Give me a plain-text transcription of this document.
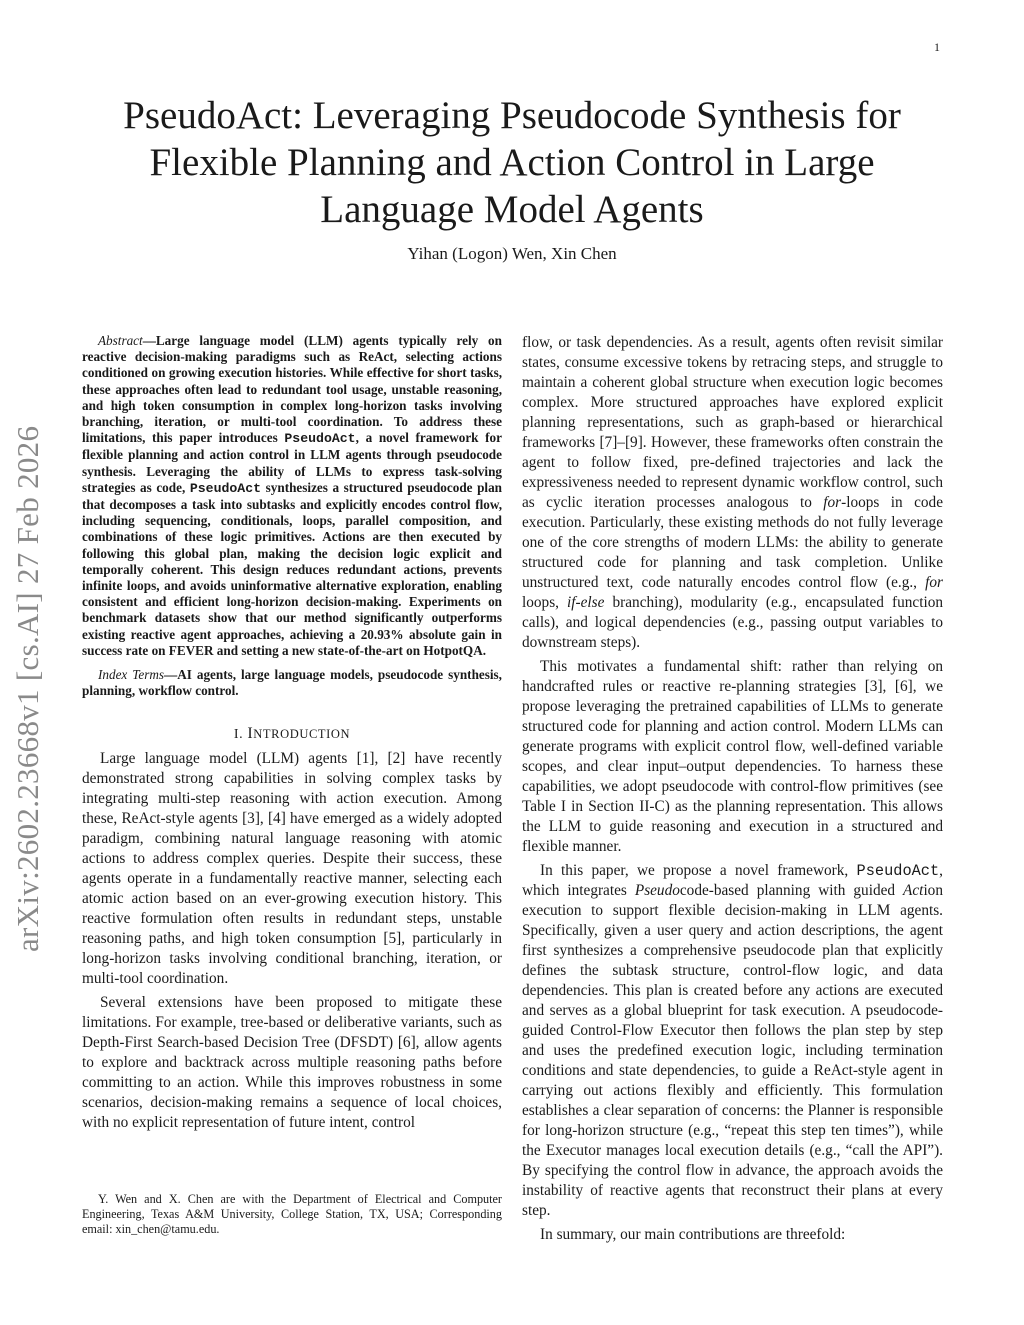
1
arXiv:2602.23668v1 [cs.AI] 27 Feb 2026
PseudoAct: Leveraging Pseudocode Synthesis for Flexible Planning and Action Control in Large Language Model Agents
Yihan (Logon) Wen, Xin Chen

Abstract—Large language model (LLM) agents typically rely on reactive decision-making paradigms such as ReAct, selecting actions conditioned on growing execution histories. While effective for short tasks, these approaches often lead to redundant tool usage, unstable reasoning, and high token consumption in complex long-horizon tasks involving branching, iteration, or multi-tool coordination. To address these limitations, this paper introduces PseudoAct, a novel framework for flexible planning and action control in LLM agents through pseudocode synthesis. Leveraging the ability of LLMs to express task-solving strategies as code, PseudoAct synthesizes a structured pseudocode plan that decomposes a task into subtasks and explicitly encodes control flow, including sequencing, conditionals, loops, parallel composition, and combinations of these logic primitives. Actions are then executed by following this global plan, making the decision logic explicit and temporally coherent. This design reduces redundant actions, prevents infinite loops, and avoids uninformative alternative exploration, enabling consistent and efficient long-horizon decision-making. Experiments on benchmark datasets show that our method significantly outperforms existing reactive agent approaches, achieving a 20.93% absolute gain in success rate on FEVER and setting a new state-of-the-art on HotpotQA.

Index Terms—AI agents, large language models, pseudocode synthesis, planning, workflow control.

I. INTRODUCTION

Large language model (LLM) agents [1], [2] have recently demonstrated strong capabilities in solving complex tasks by integrating multi-step reasoning with action execution. Among these, ReAct-style agents [3], [4] have emerged as a widely adopted paradigm, combining natural language reasoning with atomic actions to address complex queries. Despite their success, these agents operate in a fundamentally reactive manner, selecting each atomic action based on an ever-growing execution history. This reactive formulation often results in redundant steps, unstable reasoning paths, and high token consumption [5], particularly in long-horizon tasks involving conditional branching, iteration, or multi-tool coordination.

Several extensions have been proposed to mitigate these limitations. For example, tree-based or deliberative variants, such as Depth-First Search-based Decision Tree (DFSDT) [6], allow agents to explore and backtrack across multiple reasoning paths before committing to an action. While this improves robustness in some scenarios, decision-making remains a sequence of local choices, with no explicit representation of future intent, control

Y. Wen and X. Chen are with the Department of Electrical and Computer Engineering, Texas A&M University, College Station, TX, USA; Corresponding email: xin_chen@tamu.edu.

flow, or task dependencies. As a result, agents often revisit similar states, consume excessive tokens by retracing steps, and struggle to maintain a coherent global structure when execution logic becomes complex. More structured approaches have explored explicit planning representations, such as graph-based or hierarchical frameworks [7]–[9]. However, these frameworks often constrain the agent to follow fixed, pre-defined trajectories and lack the expressiveness needed to represent dynamic workflow control, such as cyclic iteration processes analogous to for-loops in code execution. Particularly, these existing methods do not fully leverage one of the core strengths of modern LLMs: the ability to generate structured code for planning and task completion. Unlike unstructured text, code naturally encodes control flow (e.g., for loops, if-else branching), modularity (e.g., encapsulated function calls), and logical dependencies (e.g., passing output variables to downstream steps).

This motivates a fundamental shift: rather than relying on handcrafted rules or reactive re-planning strategies [3], [6], we propose leveraging the pretrained capabilities of LLMs to generate structured code for planning and action control. Modern LLMs can generate programs with explicit control flow, well-defined variable scopes, and clear input–output dependencies. To harness these capabilities, we adopt pseudocode with control-flow primitives (see Table I in Section II-C) as the planning representation. This allows the LLM to guide reasoning and execution in a structured and flexible manner.

In this paper, we propose a novel framework, PseudoAct, which integrates Pseudocode-based planning with guided Action execution to support flexible decision-making in LLM agents. Specifically, given a user query and action descriptions, the agent first synthesizes a comprehensive pseudocode plan that explicitly defines the subtask structure, control-flow logic, and data dependencies. This plan is created before any actions are executed and serves as a global blueprint for task execution. A pseudocode-guided Control-Flow Executor then follows the plan step by step and uses the predefined execution logic, including termination conditions and state dependencies, to guide a ReAct-style agent in carrying out actions flexibly and efficiently. This formulation establishes a clear separation of concerns: the Planner is responsible for long-horizon structure (e.g., “repeat this step ten times”), while the Executor manages local execution details (e.g., “call the API”). By specifying the control flow in advance, the approach avoids the instability of reactive agents that reconstruct their plans at every step.

In summary, our main contributions are threefold:
